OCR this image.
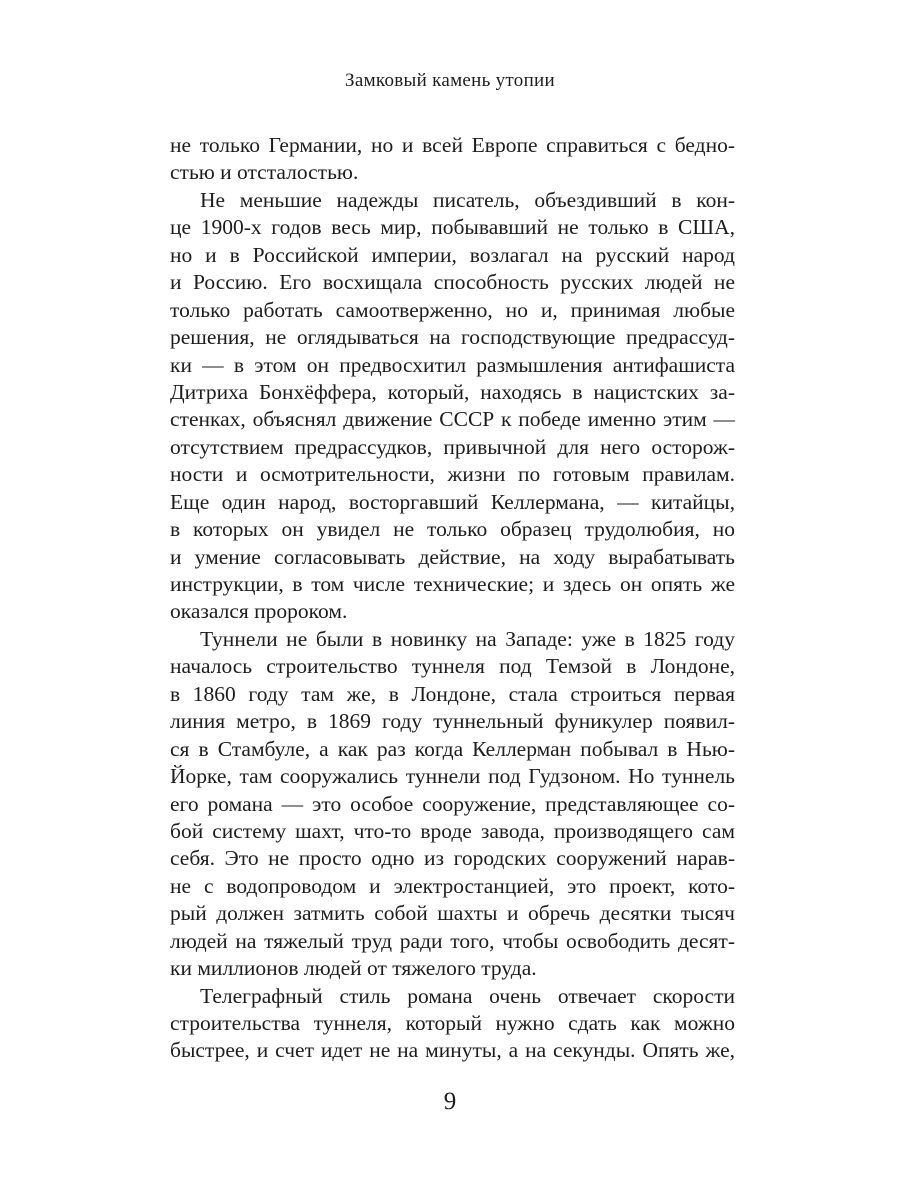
Замковый камень утопии
не только Германии, но и всей Европе справиться с бедно-
стью и отсталостью.
Не меньшие надежды писатель, объездивший в кон-
це 1900-х годов весь мир, побывавший не только в США,
но и в Российской империи, возлагал на русский народ
и Россию. Его восхищала способность русских людей не
только работать самоотверженно, но и, принимая любые
решения, не оглядываться на господствующие предрассуд-
ки — в этом он предвосхитил размышления антифашиста
Дитриха Бонхёффера, который, находясь в нацистских за-
стенках, объяснял движение СССР к победе именно этим —
отсутствием предрассудков, привычной для него осторож-
ности и осмотрительности, жизни по готовым правилам.
Еще один народ, восторгавший Келлермана, — китайцы,
в которых он увидел не только образец трудолюбия, но
и умение согласовывать действие, на ходу вырабатывать
инструкции, в том числе технические; и здесь он опять же
оказался пророком.
Туннели не были в новинку на Западе: уже в 1825 году
началось строительство туннеля под Темзой в Лондоне,
в 1860 году там же, в Лондоне, стала строиться первая
линия метро, в 1869 году туннельный фуникулер появил-
ся в Стамбуле, а как раз когда Келлерман побывал в Нью-
Йорке, там сооружались туннели под Гудзоном. Но туннель
его романа — это особое сооружение, представляющее со-
бой систему шахт, что-то вроде завода, производящего сам
себя. Это не просто одно из городских сооружений нарав-
не с водопроводом и электростанцией, это проект, кото-
рый должен затмить собой шахты и обречь десятки тысяч
людей на тяжелый труд ради того, чтобы освободить десят-
ки миллионов людей от тяжелого труда.
Телеграфный стиль романа очень отвечает скорости
строительства туннеля, который нужно сдать как можно
быстрее, и счет идет не на минуты, а на секунды. Опять же,
9
